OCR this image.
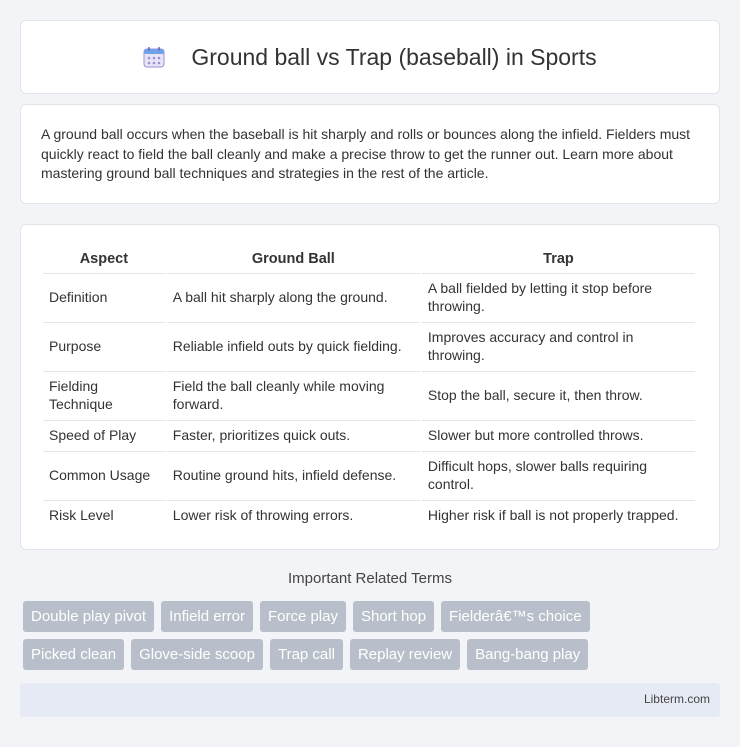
Ground ball vs Trap (baseball) in Sports

A ground ball occurs when the baseball is hit sharply and rolls or bounces along the infield. Fielders must quickly react to field the ball cleanly and make a precise throw to get the runner out. Learn more about mastering ground ball techniques and strategies in the rest of the article.

Aspect	Ground Ball	Trap
Definition	A ball hit sharply along the ground.	A ball fielded by letting it stop before throwing.
Purpose	Reliable infield outs by quick fielding.	Improves accuracy and control in throwing.
Fielding Technique	Field the ball cleanly while moving forward.	Stop the ball, secure it, then throw.
Speed of Play	Faster, prioritizes quick outs.	Slower but more controlled throws.
Common Usage	Routine ground hits, infield defense.	Difficult hops, slower balls requiring control.
Risk Level	Lower risk of throwing errors.	Higher risk if ball is not properly trapped.
Important Related Terms
Double play pivot	Infield error	Force play	Short hop	Fielderâ€™s choice
Picked clean	Glove-side scoop	Trap call	Replay review	Bang-bang play
Libterm.com
